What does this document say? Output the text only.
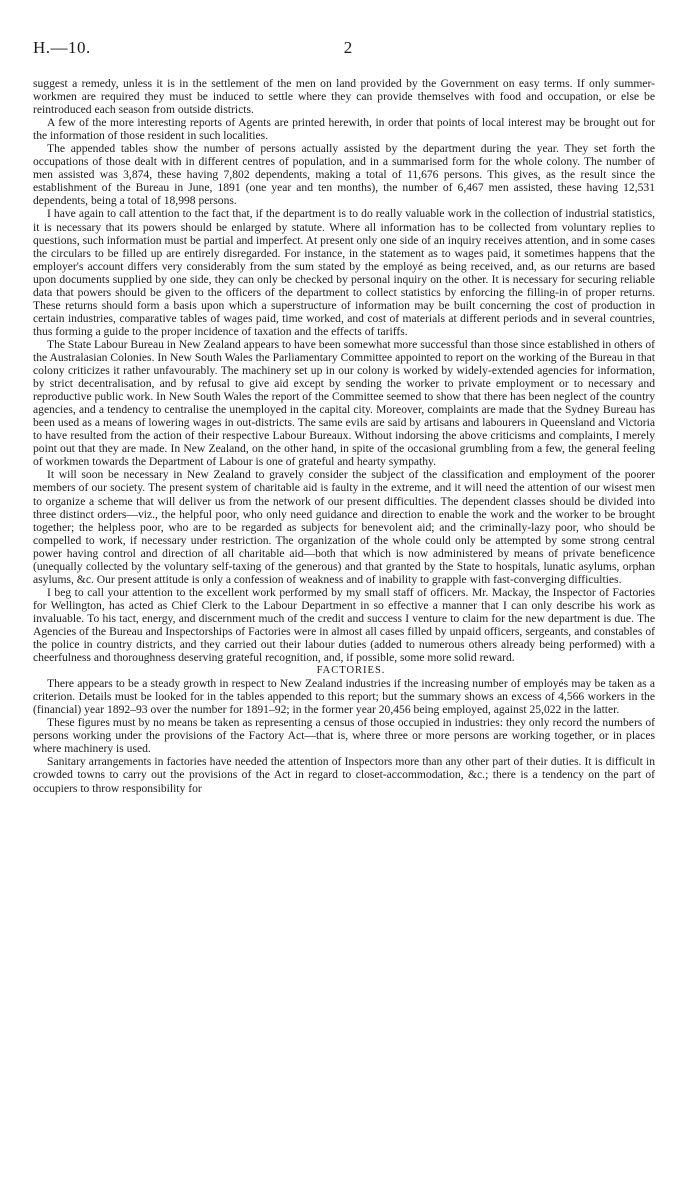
H.—10.	2

suggest a remedy, unless it is in the settlement of the men on land provided by the Government on easy terms. If only summer-workmen are required they must be induced to settle where they can provide themselves with food and occupation, or else be reintroduced each season from outside districts.

A few of the more interesting reports of Agents are printed herewith, in order that points of local interest may be brought out for the information of those resident in such localities.

The appended tables show the number of persons actually assisted by the department during the year. They set forth the occupations of those dealt with in different centres of population, and in a summarised form for the whole colony. The number of men assisted was 3,874, these having 7,802 dependents, making a total of 11,676 persons. This gives, as the result since the establishment of the Bureau in June, 1891 (one year and ten months), the number of 6,467 men assisted, these having 12,531 dependents, being a total of 18,998 persons.

I have again to call attention to the fact that, if the department is to do really valuable work in the collection of industrial statistics, it is necessary that its powers should be enlarged by statute. Where all information has to be collected from voluntary replies to questions, such information must be partial and imperfect. At present only one side of an inquiry receives attention, and in some cases the circulars to be filled up are entirely disregarded. For instance, in the statement as to wages paid, it sometimes happens that the employer's account differs very considerably from the sum stated by the employé as being received, and, as our returns are based upon documents supplied by one side, they can only be checked by personal inquiry on the other. It is necessary for securing reliable data that powers should be given to the officers of the department to collect statistics by enforcing the filling-in of proper returns. These returns should form a basis upon which a superstructure of information may be built concerning the cost of production in certain industries, comparative tables of wages paid, time worked, and cost of materials at different periods and in several countries, thus forming a guide to the proper incidence of taxation and the effects of tariffs.

The State Labour Bureau in New Zealand appears to have been somewhat more successful than those since established in others of the Australasian Colonies. In New South Wales the Parliamentary Committee appointed to report on the working of the Bureau in that colony criticizes it rather unfavourably. The machinery set up in our colony is worked by widely-extended agencies for information, by strict decentralisation, and by refusal to give aid except by sending the worker to private employment or to necessary and reproductive public work. In New South Wales the report of the Committee seemed to show that there has been neglect of the country agencies, and a tendency to centralise the unemployed in the capital city. Moreover, complaints are made that the Sydney Bureau has been used as a means of lowering wages in out-districts. The same evils are said by artisans and labourers in Queensland and Victoria to have resulted from the action of their respective Labour Bureaux. Without indorsing the above criticisms and complaints, I merely point out that they are made. In New Zealand, on the other hand, in spite of the occasional grumbling from a few, the general feeling of workmen towards the Department of Labour is one of grateful and hearty sympathy.

It will soon be necessary in New Zealand to gravely consider the subject of the classification and employment of the poorer members of our society. The present system of charitable aid is faulty in the extreme, and it will need the attention of our wisest men to organize a scheme that will deliver us from the network of our present difficulties. The dependent classes should be divided into three distinct orders—viz., the helpful poor, who only need guidance and direction to enable the work and the worker to be brought together; the helpless poor, who are to be regarded as subjects for benevolent aid; and the criminally-lazy poor, who should be compelled to work, if necessary under restriction. The organization of the whole could only be attempted by some strong central power having control and direction of all charitable aid—both that which is now administered by means of private beneficence (unequally collected by the voluntary self-taxing of the generous) and that granted by the State to hospitals, lunatic asylums, orphan asylums, &c. Our present attitude is only a confession of weakness and of inability to grapple with fast-converging difficulties.

I beg to call your attention to the excellent work performed by my small staff of officers. Mr. Mackay, the Inspector of Factories for Wellington, has acted as Chief Clerk to the Labour Department in so effective a manner that I can only describe his work as invaluable. To his tact, energy, and discernment much of the credit and success I venture to claim for the new department is due. The Agencies of the Bureau and Inspectorships of Factories were in almost all cases filled by unpaid officers, sergeants, and constables of the police in country districts, and they carried out their labour duties (added to numerous others already being performed) with a cheerfulness and thoroughness deserving grateful recognition, and, if possible, some more solid reward.

FACTORIES.

There appears to be a steady growth in respect to New Zealand industries if the increasing number of employés may be taken as a criterion. Details must be looked for in the tables appended to this report; but the summary shows an excess of 4,566 workers in the (financial) year 1892–93 over the number for 1891–92; in the former year 20,456 being employed, against 25,022 in the latter.

These figures must by no means be taken as representing a census of those occupied in industries: they only record the numbers of persons working under the provisions of the Factory Act—that is, where three or more persons are working together, or in places where machinery is used.

Sanitary arrangements in factories have needed the attention of Inspectors more than any other part of their duties. It is difficult in crowded towns to carry out the provisions of the Act in regard to closet-accommodation, &c.; there is a tendency on the part of occupiers to throw responsibility for
